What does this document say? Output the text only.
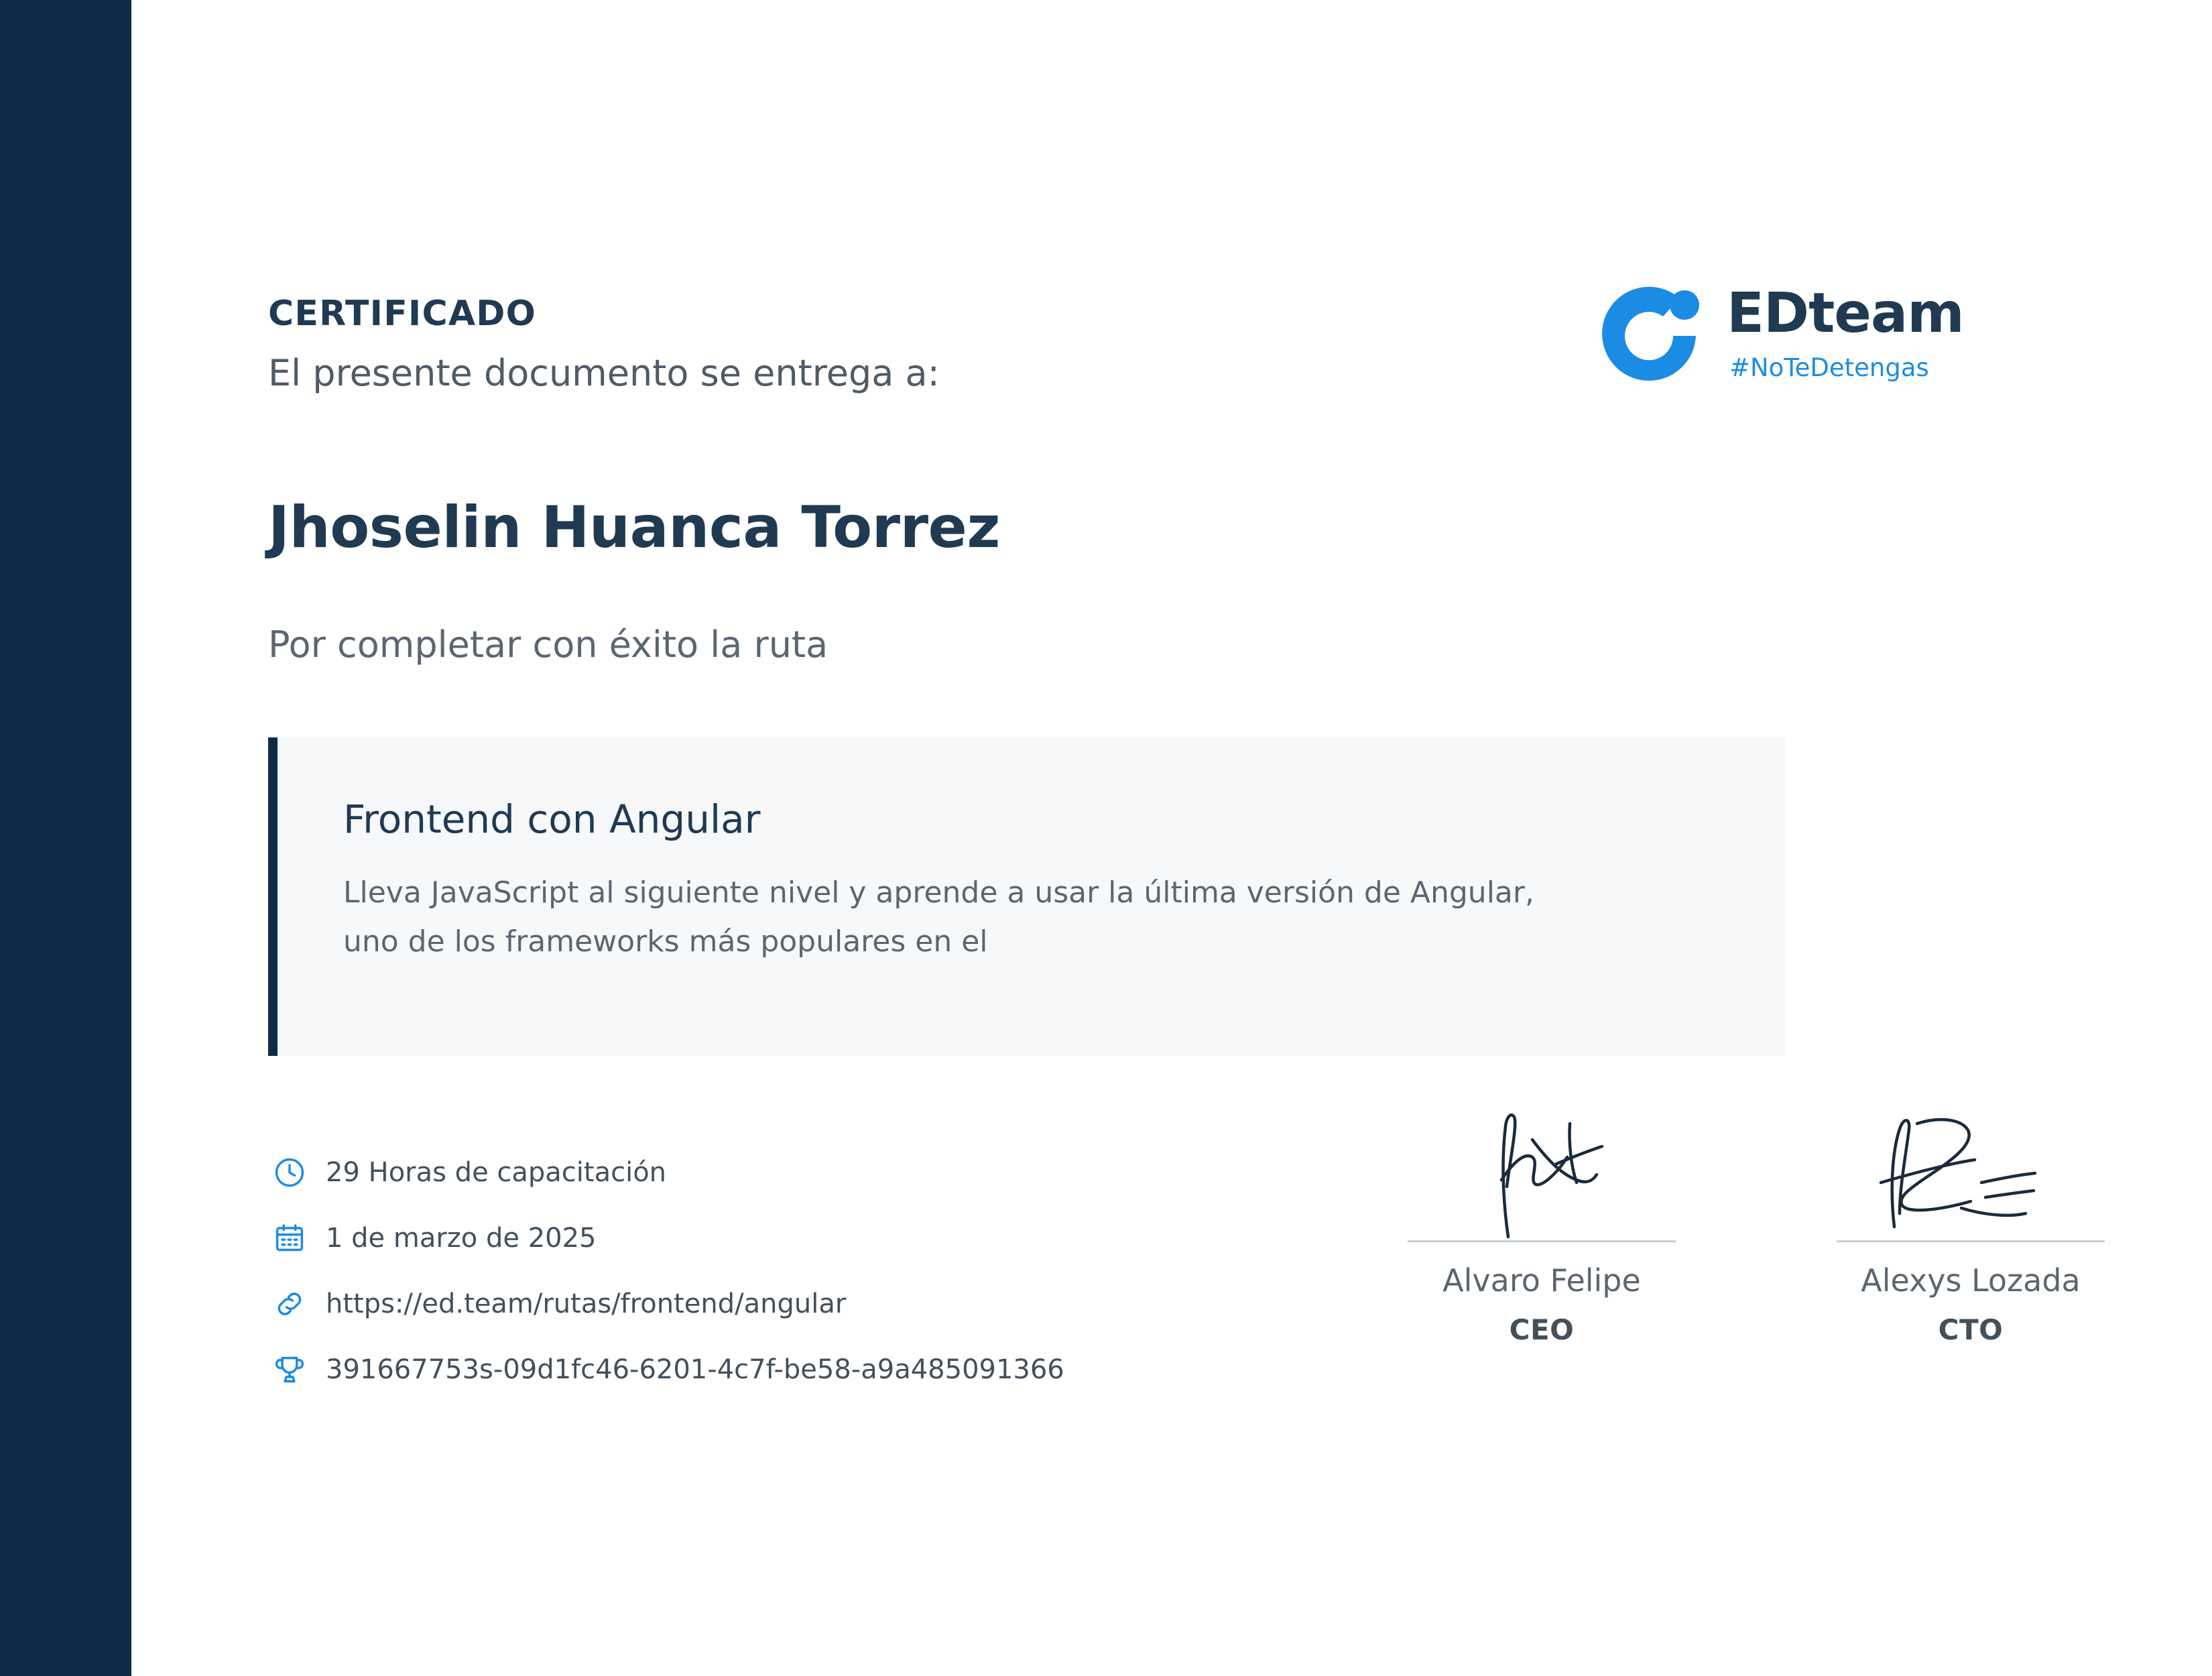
CERTIFICADO
El presente documento se entrega a:
EDteam
#NoTeDetengas
Jhoselin Huanca Torrez
Por completar con éxito la ruta
Frontend con Angular
Lleva JavaScript al siguiente nivel y aprende a usar la última versión de Angular, uno de los frameworks más populares en el
29 Horas de capacitación
1 de marzo de 2025
https://ed.team/rutas/frontend/angular
391667753s-09d1fc46-6201-4c7f-be58-a9a485091366
Alvaro Felipe
CEO
Alexys Lozada
CTO
